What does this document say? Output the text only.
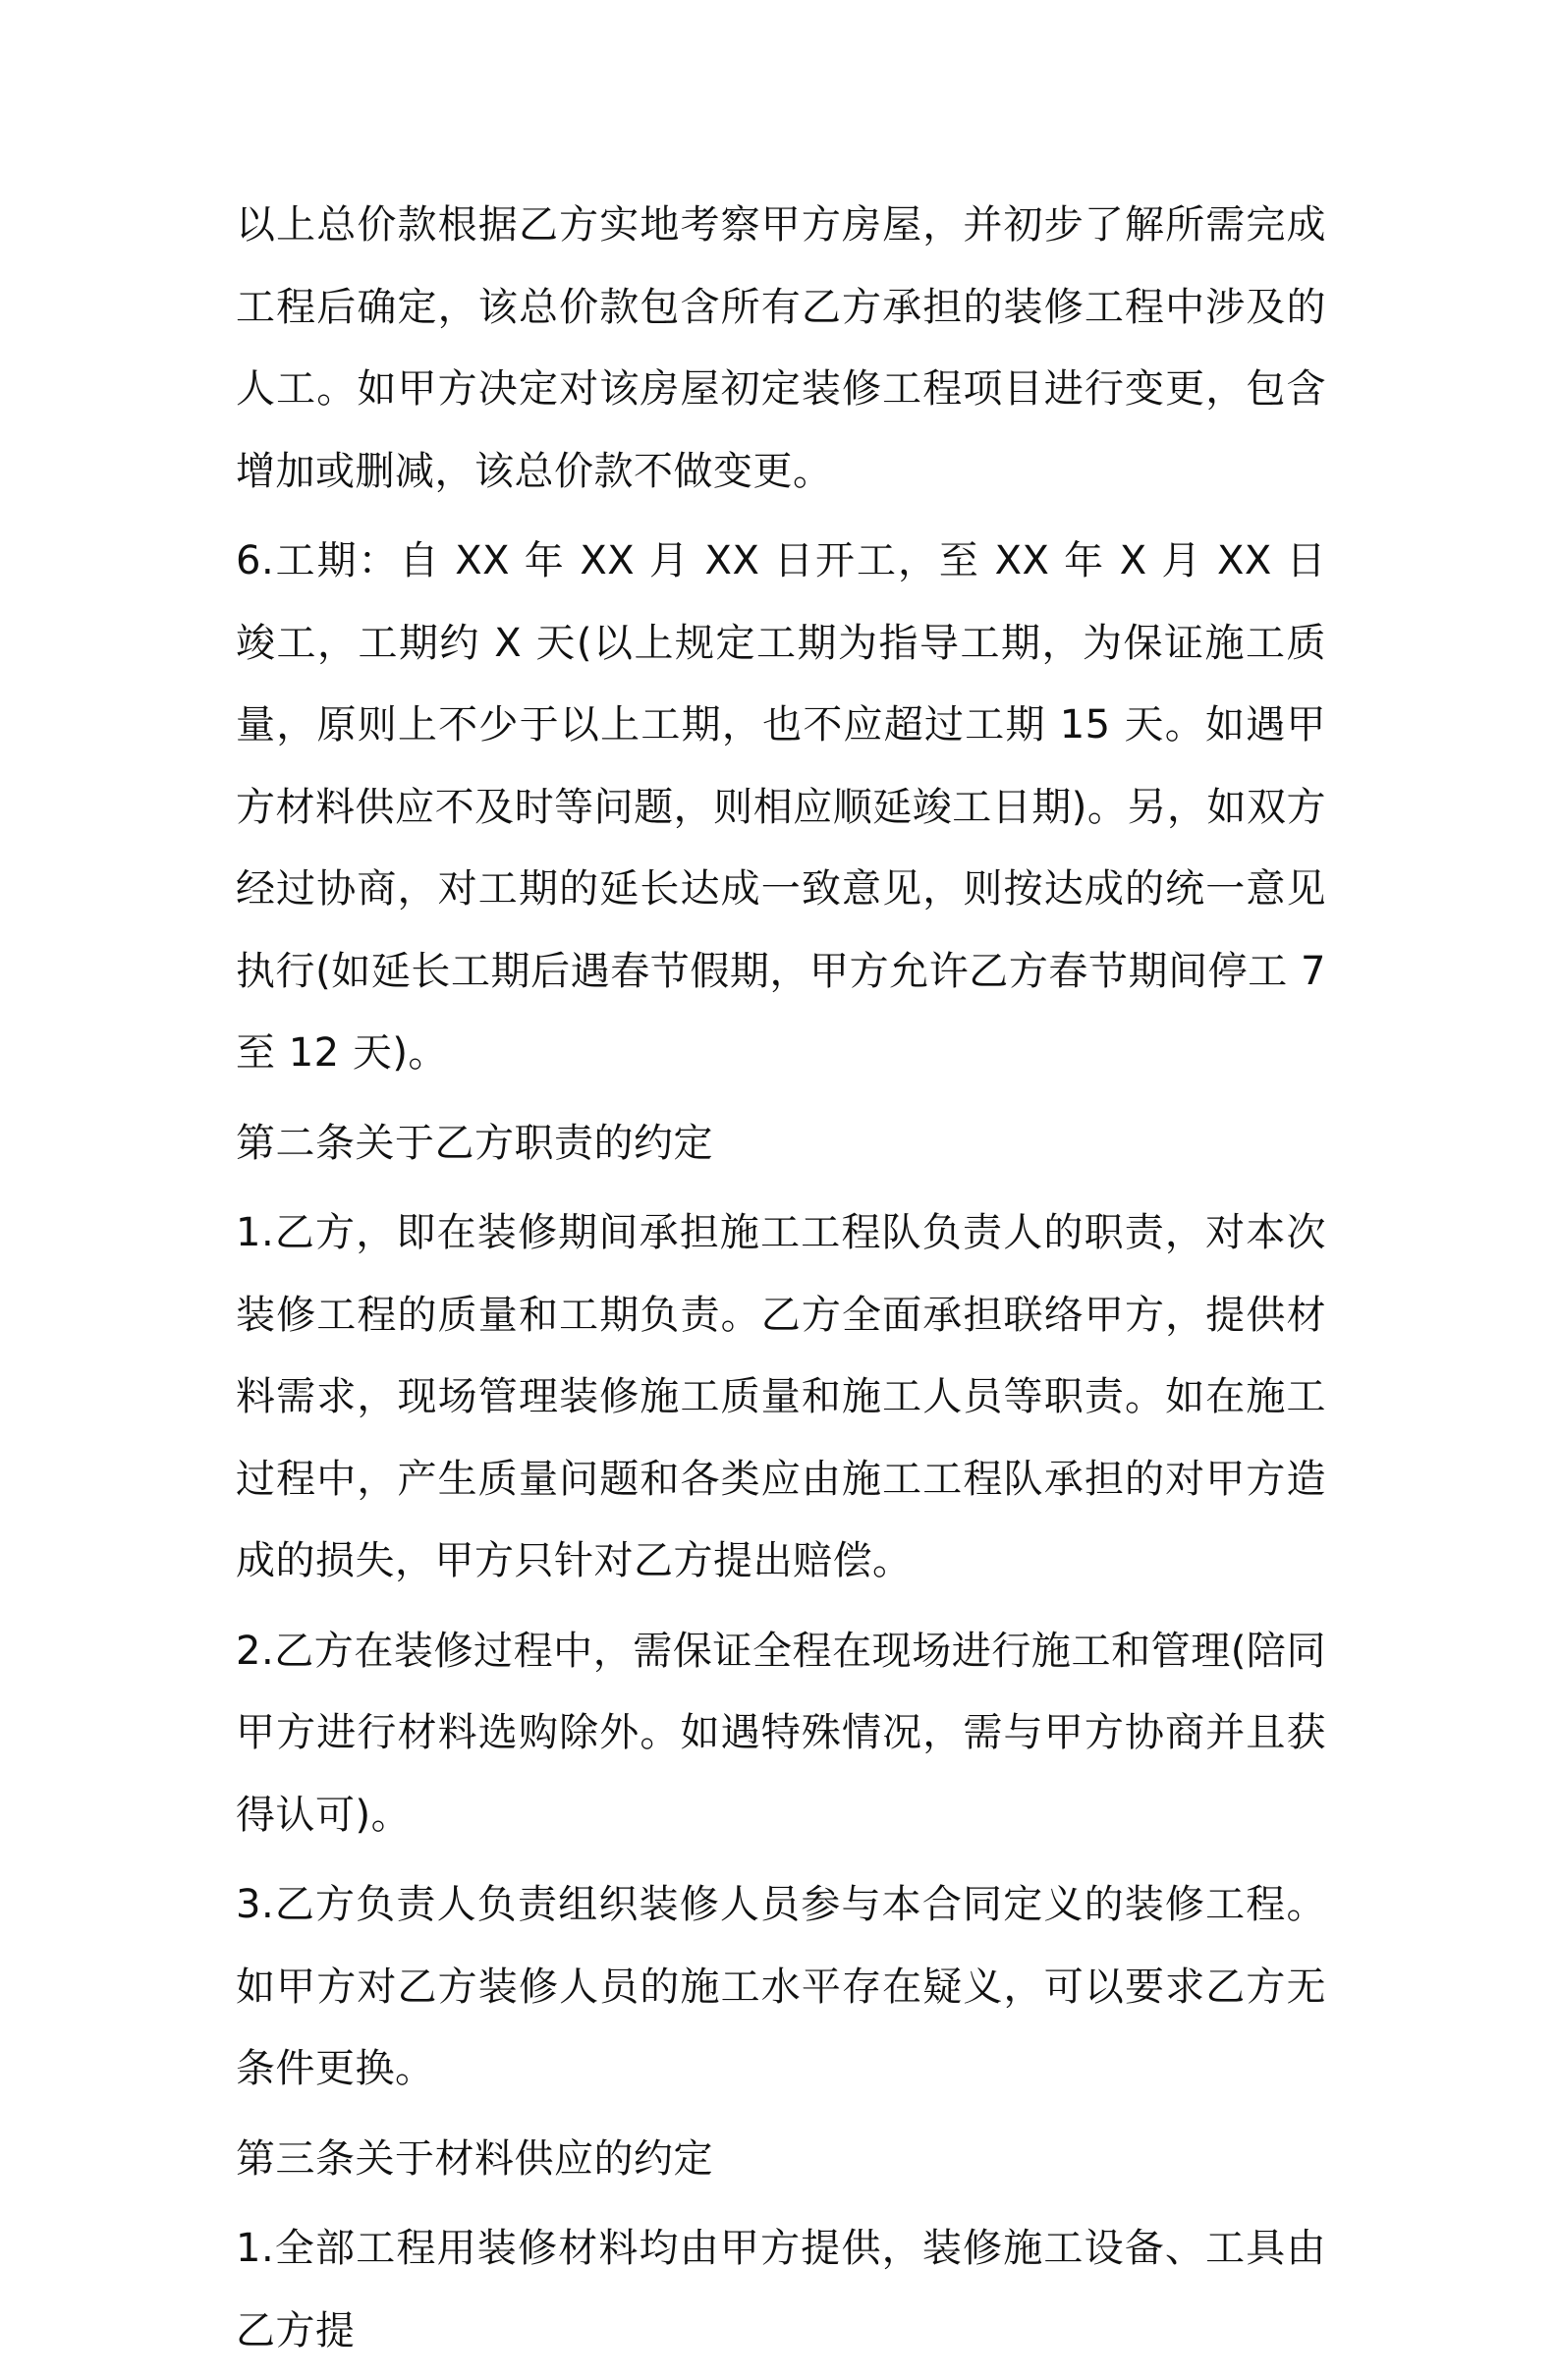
以上总价款根据乙方实地考察甲方房屋，并初步了解所需完成工程后确定，该总价款包含所有乙方承担的装修工程中涉及的人工。如甲方决定对该房屋初定装修工程项目进行变更，包含增加或删减，该总价款不做变更。

6.工期：自 XX 年 XX 月 XX 日开工，至 XX 年 X 月 XX 日竣工，工期约 X 天(以上规定工期为指导工期，为保证施工质量，原则上不少于以上工期，也不应超过工期 15 天。如遇甲方材料供应不及时等问题，则相应顺延竣工日期)。另，如双方经过协商，对工期的延长达成一致意见，则按达成的统一意见执行(如延长工期后遇春节假期，甲方允许乙方春节期间停工 7 至 12 天)。

第二条关于乙方职责的约定

1.乙方，即在装修期间承担施工工程队负责人的职责，对本次装修工程的质量和工期负责。乙方全面承担联络甲方，提供材料需求，现场管理装修施工质量和施工人员等职责。如在施工过程中，产生质量问题和各类应由施工工程队承担的对甲方造成的损失，甲方只针对乙方提出赔偿。

2.乙方在装修过程中，需保证全程在现场进行施工和管理(陪同甲方进行材料选购除外。如遇特殊情况，需与甲方协商并且获得认可)。

3.乙方负责人负责组织装修人员参与本合同定义的装修工程。如甲方对乙方装修人员的施工水平存在疑义，可以要求乙方无条件更换。

第三条关于材料供应的约定

1.全部工程用装修材料均由甲方提供，装修施工设备、工具由乙方提
